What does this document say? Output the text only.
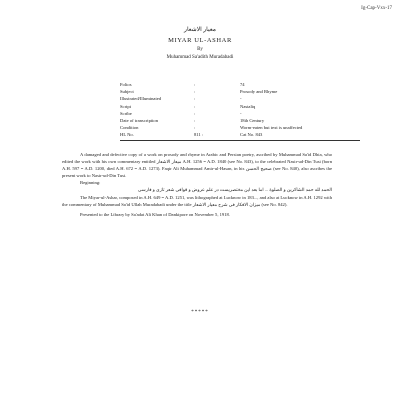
Ig-Cap-Vxx-17
معيار الاشعار
MIYAR UL-ASHAR
By
Muhammad Sa'adith Muradabadi
Folios	:	74
Subject	:	Prosody and Rhyme
Illustrated/Illuminated	:	-
Script	:	Nastaliq
Scribe	:	-
Date of transcription	:	18th Century
Condition	:	Worm-eaten but text is unaffected
HL No.	811 :	Cat No. 843

A damaged and defective copy of a work on prosody and rhyme in Arabic and Persian poetry, ascribed by Muhammad Sa'id Dhia, who edited the work with his own commentary entitled میعار الاشعار A.H. 1256 = A.D. 1840 (see No. 843), to the celebrated Nasir-ud-Din Tusi (born A.H. 597 = A.D. 1200, died A.H. 672 = A.D. 1273). Faqir Ali Muhammad Amir-ul-Hasan, in his صحیح الحسن (see No. 840), also ascribes the present work to Nasir-ud-Din Tusi.

Beginning:

الحمد لله حمد الشاکرین و الصلوة ... اما بعد این مختصریست در علم عروض و قوافی شعر تازی و فارسی

The Miyar-ul-Ashar, composed in A.H. 649 = A.D. 1251, was lithographed at Lucknow in 183..., and also at Lucknow in A.H. 1292 with the commentary of Muhammad Sa'id Ullah Muradabadi under the title میزان الافکار فی شرح معیار الاشعار (see No. 842).

Presented to the Library by Sa'adat Ali Khan of Dankipore on November 5, 1918.

*****
